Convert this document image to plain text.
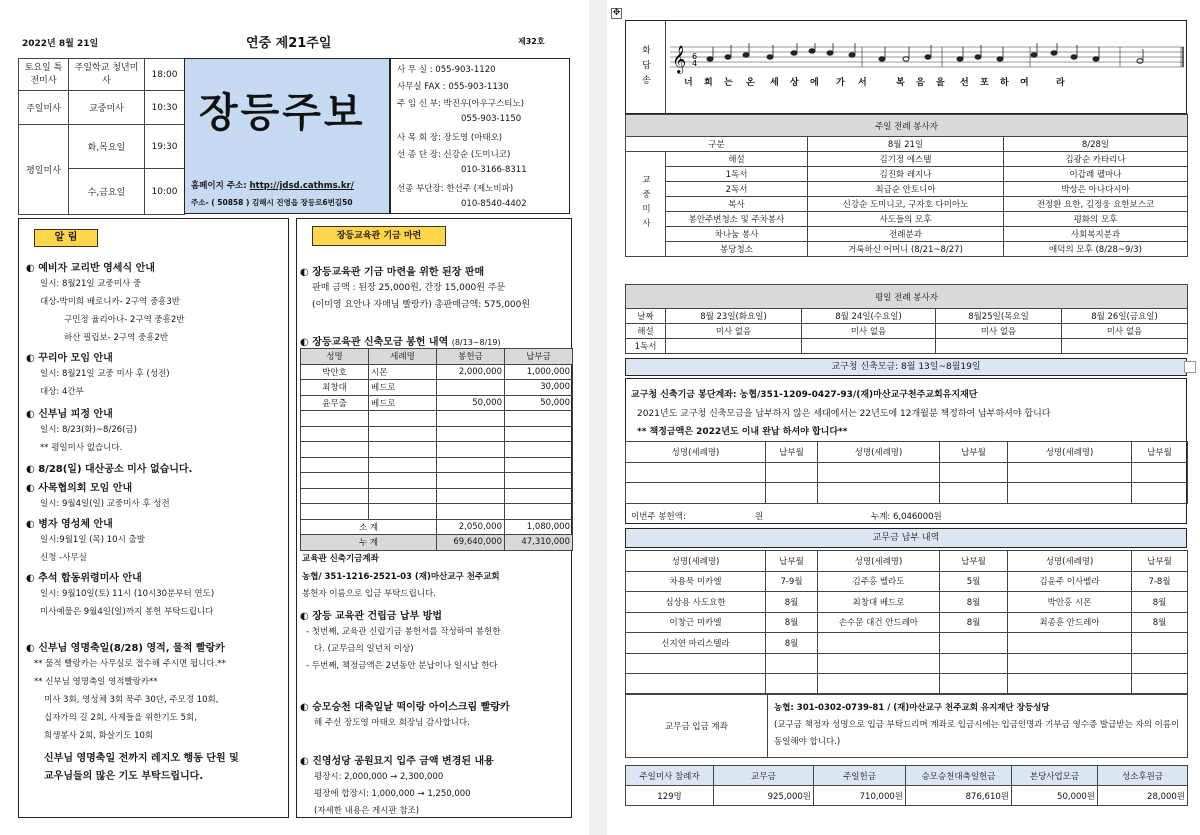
2022년 8월 21일	연중 제21주일	제32호
토요일 특전미사	주일학교 청년미사	18:00
주일미사	교중미사	10:30
평일미사	화,목요일	19:30
	수,금요일	10:00
장등주보
홈페이지 주소: http://jdsd.cathms.kr/
주소- ( 50858 ) 김해시 진영읍 장등로6번길50
사 무 실 : 055-903-1120
사무실 FAX : 055-903-1130
주 임 신 부: 박진우(아우구스티노)
055-903-1150
사 목 회 장: 장도영 (마태오)
선 종 단 장: 신강순 (도미니코)
010-3166-8311
선종 부단장: 한선주 (제노비파)
010-8540-4402
알 림
◐ 예비자 교리반 영세식 안내
일시: 8월21일 교중미사 중
대상-박미희 베로니카- 2구역 중흥3반
구민정 율리아나- 2구역 중흥2반
하산 필립보- 2구역 중흥2반
◐ 꾸리아 모임 안내
일시: 8월21일 교중 미사 후 (성전)
대상: 4간부
◐ 신부님 피정 안내
일시: 8/23(화)~8/26(금)
** 평일미사 없습니다.
◐ 8/28(일) 대산공소 미사 없습니다.
◐ 사목협의회 모임 안내
일시: 9월4일(일) 교중미사 후 성전
◐ 병자 영성체 안내
일시:9월1일 (목) 10시 출발
신청 -사무실
◐ 추석 합동위령미사 안내
일시: 9월10일(토) 11시 (10시30분부터 연도)
미사예물은 9월4일(일)까지 봉헌 부탁드립니다
◐ 신부님 영명축일(8/28) 영적, 물적 빨랑카
** 물적 빨랑카는 사무실로 접수해 주시면 됩니다.**
** 신부님 영명축일 영적빨랑카**
미사 3회, 영성체 3회 묵주 30단, 주모경 10회,
십자가의 길 2회, 사제들을 위한기도 5회,
희생봉사 2회, 화살기도 10회
신부님 영명축일 전까지 레지오 행동 단원 및
교우님들의 많은 기도 부탁드립니다.
장등교육관 기금 마련
◐ 장등교육관 기금 마련을 위한 된장 판매
판매 금액 : 된장 25,000원, 간장 15,000원 주문
(이미영 요안나 자매님 빨랑카) 총판매금액: 575,000원
◐ 장등교육관 신축모금 봉헌 내역 (8/13~8/19)
성명	세례명	봉헌금	납부금
박안호	시몬	2,000,000	1,000,000
최창대	베드로		30,000
윤무출	베드로	50,000	50,000

소 계		2,050,000	1,080,000
누 계		69,640,000	47,310,000
교육관 신축기금계좌
농협/ 351-1216-2521-03 (재)마산교구 천주교회
봉헌자 이름으로 입금 부탁드립니다.
◐ 장등 교육관 건립금 납부 방법
- 첫번째, 교육관 신립기금 봉헌서를 작성하여 봉헌한
다. (교무금의 일년치 이상)
- 두번째, 책정금액은 2년동안 분납이나 일시납 한다
◐ 승모승천 대축일날 떡이랑 아이스크림 빨랑카
해 주신 장도영 마태오 회장님 감사합니다.
◐ 진영성당 공원묘지 입주 금액 변경된 내용
평장시: 2,000,000 → 2,300,000
평장에 합장시: 1,000,000 → 1,250,000
(자세한 내용은 게시판 참조)
✥
화답송 𝄞 6
4
너 희 는 온 세 상 에 가 서	복 음 을 선 포 하 여	라
주일 전례 봉사자			
구분		8월 21일	8/28일
교중미사	해설	김기정 에스텔	김광순 카타리나
	1독서	김진화 레지나	이갑례 펠마나
	2독서	최금순 안토니아	박상은 아나다시아
	복사	신강순 도미니코, 구자호 다미아노	전정환 요한, 김정웅 요한보스코
	봉안주변청소 및 주차봉사	사도들의 모후	평화의 모후
	차나눔 봉사	전례분과	사회복지분과
	봉당청소	거룩하신 어머니 (8/21~8/27)	애덕의 모후 (8/28~9/3)
평일 전례 봉사자				
날짜	8월 23일(화요일)	8월 24일(수요일)	8월25일(목요일	8월 26일(금요일)
해설	미사 없음	미사 없음	미사 없음	미사 없음
1독서				
교구청 신축모금: 8월 13일~8월19일
교구청 신축기금 봉단계좌: 농협/351-1209-0427-93/(재)마산교구천주교회유지재단
2021년도 교구청 신축모금을 납부하지 않은 세대에서는 22년도에 12개월분 책정하여 납부하셔야 합니다
** 책정금액은 2022년도 이내 완납 하셔야 합니다**
성명(세례명)	납부월	성명(세례명)	납부월	성명(세례명)	납부월

이번주 봉헌액:	원	누계: 6,046000원
교무금 납부 내역
성명(세례명)	납부월	성명(세례명)	납부월	성명(세례명)	납부월
차용묵 미카엘	7-9월	김주홍 벨라도	5월	김윤주 이사벨라	7-8월
심상용 사도요한	8월	최창대 베드로	8월	박안홍 시몬	8월
이창근 미카엘	8월	손수문 대건 안드레아	8월	최종훈 안드레아	8월
신지연 마리스텔라	8월				

교무금 입금 계좌	
농협: 301-0302-0739-81 / (재)마산교구 천주교회 유지재단 장등성당
(교구금 책정자 성명으로 입금 부탁드리며 계좌로 입금시에는 입금인명과 기부금 영수증 발급받는 자의 이름이 동일해야 합니다.)
주일미사 참례자	교무금	주일헌금	승모승천대축일헌금	본당사업모금	성소후원금
129명	925,000원	710,000원	876,610원	50,000원	28,000원
